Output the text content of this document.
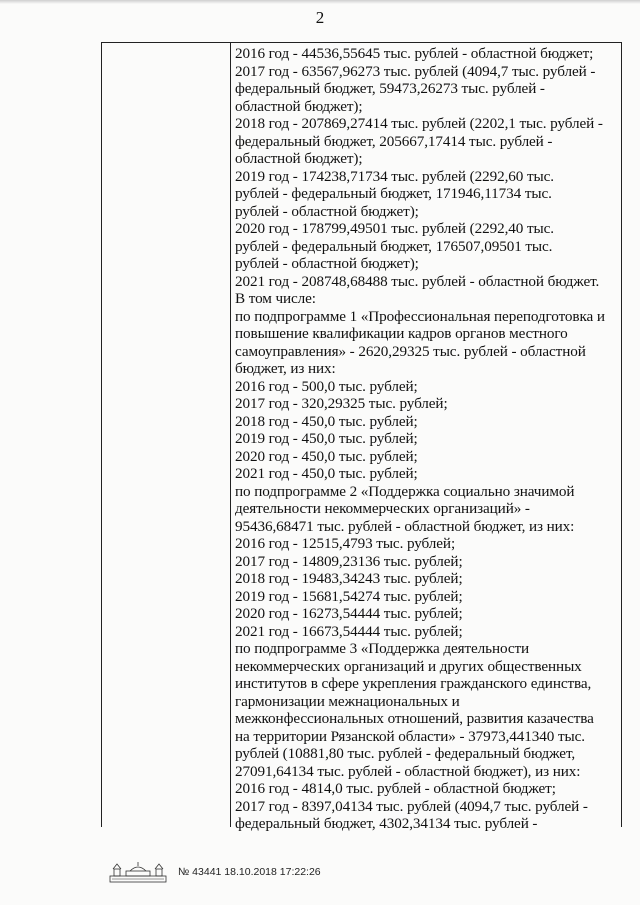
2
2016 год - 44536,55645 тыс. рублей - областной бюджет;
2017 год - 63567,96273 тыс. рублей (4094,7 тыс. рублей -
федеральный бюджет, 59473,26273 тыс. рублей -
областной бюджет);
2018 год - 207869,27414 тыс. рублей (2202,1 тыс. рублей -
федеральный бюджет, 205667,17414 тыс. рублей -
областной бюджет);
2019 год - 174238,71734 тыс. рублей (2292,60 тыс.
рублей - федеральный бюджет, 171946,11734 тыс.
рублей - областной бюджет);
2020 год - 178799,49501 тыс. рублей (2292,40 тыс.
рублей - федеральный бюджет, 176507,09501 тыс.
рублей - областной бюджет);
2021 год - 208748,68488 тыс. рублей - областной бюджет.
В том числе:
по подпрограмме 1 «Профессиональная переподготовка и
повышение квалификации кадров органов местного
самоуправления» - 2620,29325 тыс. рублей - областной
бюджет, из них:
2016 год - 500,0 тыс. рублей;
2017 год - 320,29325 тыс. рублей;
2018 год - 450,0 тыс. рублей;
2019 год - 450,0 тыс. рублей;
2020 год - 450,0 тыс. рублей;
2021 год - 450,0 тыс. рублей;
по подпрограмме 2 «Поддержка социально значимой
деятельности некоммерческих организаций» -
95436,68471 тыс. рублей - областной бюджет, из них:
2016 год - 12515,4793 тыс. рублей;
2017 год - 14809,23136 тыс. рублей;
2018 год - 19483,34243 тыс. рублей;
2019 год - 15681,54274 тыс. рублей;
2020 год - 16273,54444 тыс. рублей;
2021 год - 16673,54444 тыс. рублей;
по подпрограмме 3 «Поддержка деятельности
некоммерческих организаций и других общественных
институтов в сфере укрепления гражданского единства,
гармонизации межнациональных и
межконфессиональных отношений, развития казачества
на территории Рязанской области» - 37973,441340 тыс.
рублей (10881,80 тыс. рублей - федеральный бюджет,
27091,64134 тыс. рублей - областной бюджет), из них:
2016 год - 4814,0 тыс. рублей - областной бюджет;
2017 год - 8397,04134 тыс. рублей (4094,7 тыс. рублей -
федеральный бюджет, 4302,34134 тыс. рублей -
№ 43441 18.10.2018 17:22:26
